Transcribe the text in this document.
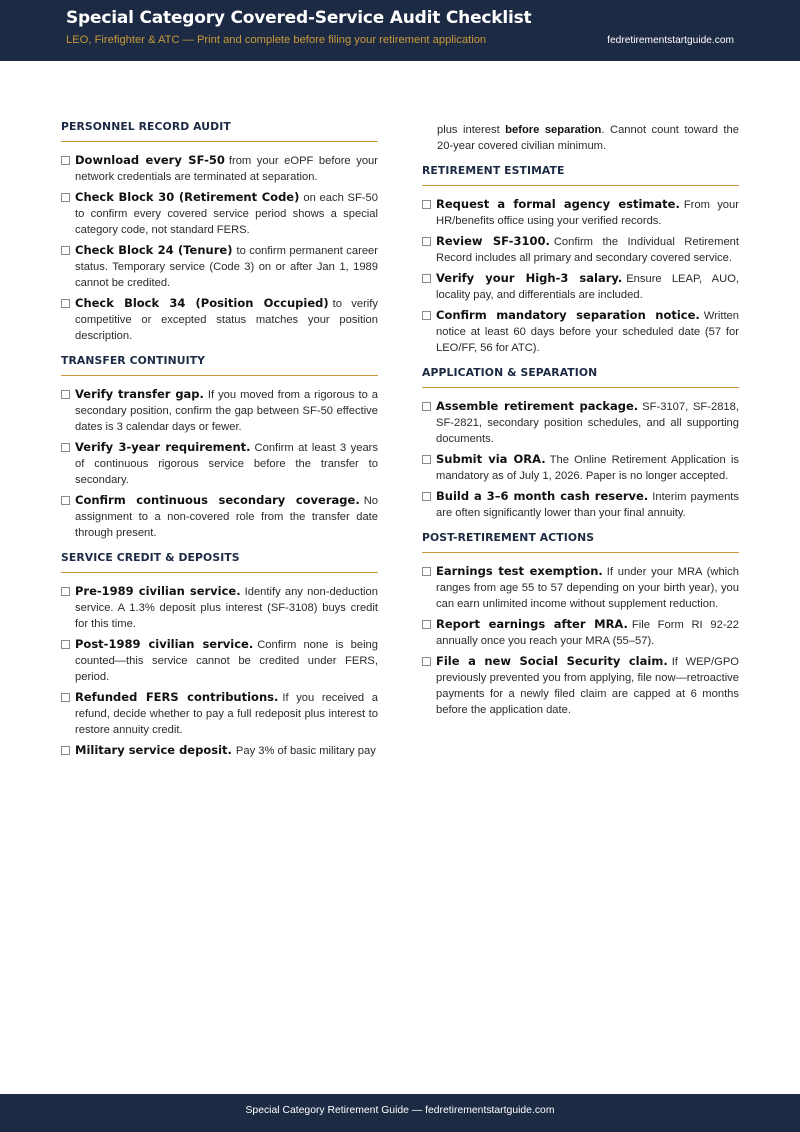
Special Category Covered-Service Audit Checklist
LEO, Firefighter & ATC — Print and complete before filing your retirement application	fedretirementstartguide.com
PERSONNEL RECORD AUDIT
Download every SF-50 from your eOPF before your network credentials are terminated at separation.
Check Block 30 (Retirement Code) on each SF-50 to confirm every covered service period shows a special category code, not standard FERS.
Check Block 24 (Tenure) to confirm permanent career status. Temporary service (Code 3) on or after Jan 1, 1989 cannot be credited.
Check Block 34 (Position Occupied) to verify competitive or excepted status matches your position description.
TRANSFER CONTINUITY
Verify transfer gap. If you moved from a rigorous to a secondary position, confirm the gap between SF-50 effective dates is 3 calendar days or fewer.
Verify 3-year requirement. Confirm at least 3 years of continuous rigorous service before the transfer to secondary.
Confirm continuous secondary coverage. No assignment to a non-covered role from the transfer date through present.
SERVICE CREDIT & DEPOSITS
Pre-1989 civilian service. Identify any non-deduction service. A 1.3% deposit plus interest (SF-3108) buys credit for this time.
Post-1989 civilian service. Confirm none is being counted—this service cannot be credited under FERS, period.
Refunded FERS contributions. If you received a refund, decide whether to pay a full redeposit plus interest to restore annuity credit.
Military service deposit. Pay 3% of basic military pay
plus interest before separation. Cannot count toward the 20-year covered civilian minimum.
RETIREMENT ESTIMATE
Request a formal agency estimate. From your HR/benefits office using your verified records.
Review SF-3100. Confirm the Individual Retirement Record includes all primary and secondary covered service.
Verify your High-3 salary. Ensure LEAP, AUO, locality pay, and differentials are included.
Confirm mandatory separation notice. Written notice at least 60 days before your scheduled date (57 for LEO/FF, 56 for ATC).
APPLICATION & SEPARATION
Assemble retirement package. SF-3107, SF-2818, SF-2821, secondary position schedules, and all supporting documents.
Submit via ORA. The Online Retirement Application is mandatory as of July 1, 2026. Paper is no longer accepted.
Build a 3–6 month cash reserve. Interim payments are often significantly lower than your final annuity.
POST-RETIREMENT ACTIONS
Earnings test exemption. If under your MRA (which ranges from age 55 to 57 depending on your birth year), you can earn unlimited income without supplement reduction.
Report earnings after MRA. File Form RI 92-22 annually once you reach your MRA (55–57).
File a new Social Security claim. If WEP/GPO previously prevented you from applying, file now—retroactive payments for a newly filed claim are capped at 6 months before the application date.
Special Category Retirement Guide — fedretirementstartguide.com
